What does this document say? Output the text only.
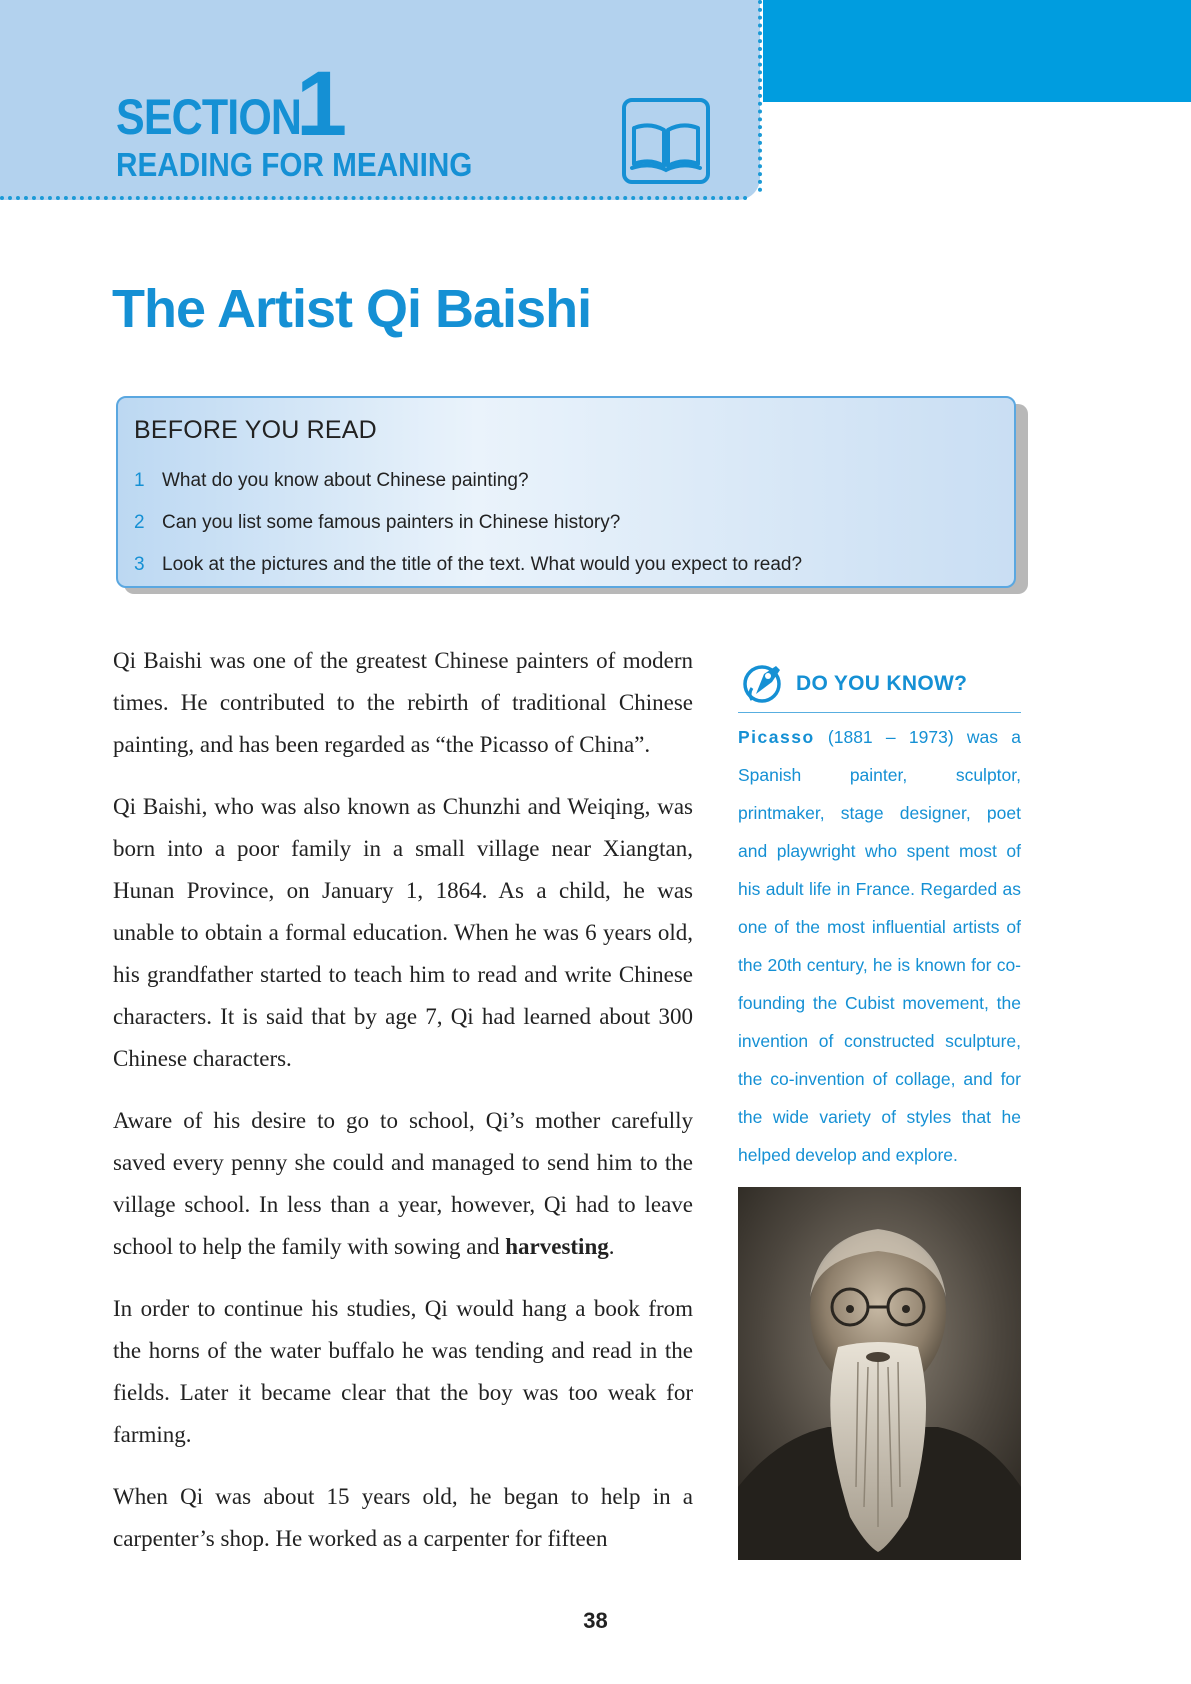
SECTION
1
READING FOR MEANING
The Artist Qi Baishi
BEFORE YOU READ
1 What do you know about Chinese painting?
2 Can you list some famous painters in Chinese history?
3 Look at the pictures and the title of the text. What would you expect to read?

Qi Baishi was one of the greatest Chinese painters of modern times. He contributed to the rebirth of traditional Chinese painting, and has been regarded as “the Picasso of China”.

Qi Baishi, who was also known as Chunzhi and Weiqing, was born into a poor family in a small village near Xiangtan, Hunan Province, on January 1, 1864. As a child, he was unable to obtain a formal education. When he was 6 years old, his grandfather started to teach him to read and write Chinese characters. It is said that by age 7, Qi had learned about 300 Chinese characters.

Aware of his desire to go to school, Qi’s mother carefully saved every penny she could and managed to send him to the village school. In less than a year, however, Qi had to leave school to help the family with sowing and harvesting.

In order to continue his studies, Qi would hang a book from the horns of the water buffalo he was tending and read in the fields. Later it became clear that the boy was too weak for farming.

When Qi was about 15 years old, he began to help in a carpenter’s shop. He worked as a carpenter for fifteen

DO YOU KNOW?

Picasso (1881 – 1973) was a Spanish painter, sculptor, printmaker, stage designer, poet and playwright who spent most of his adult life in France. Regarded as one of the most influential artists of the 20th century, he is known for co-founding the Cubist movement, the invention of constructed sculpture, the co-invention of collage, and for the wide variety of styles that he helped develop and explore.

38
